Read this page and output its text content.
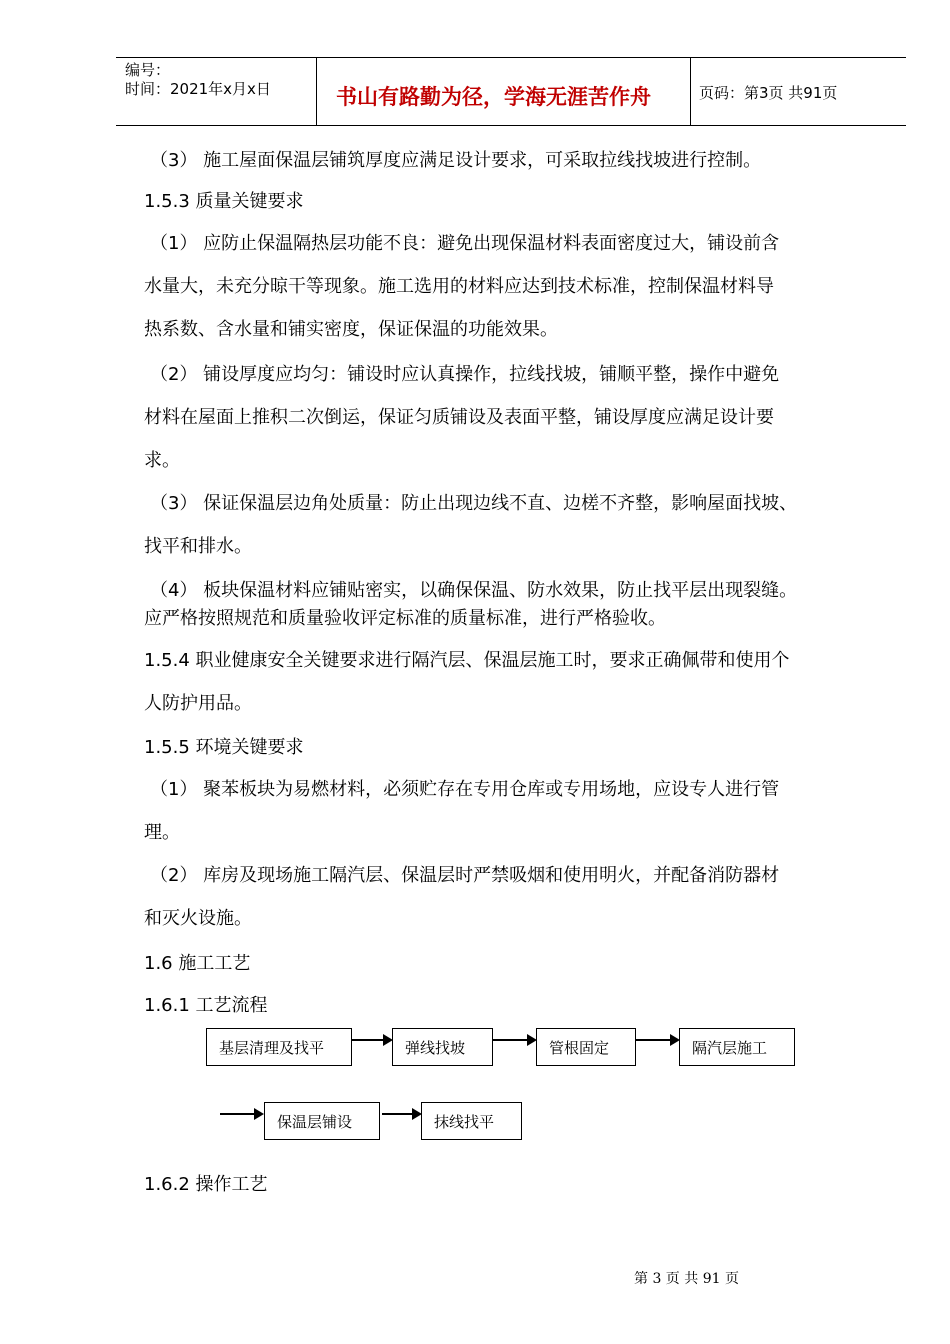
编号：
时间：2021年x月x日	书山有路勤为径，学海无涯苦作舟	页码：第3页 共91页
（3） 施工屋面保温层铺筑厚度应满足设计要求，可采取拉线找坡进行控制。
1.5.3 质量关键要求
（1） 应防止保温隔热层功能不良：避免出现保温材料表面密度过大，铺设前含
水量大，未充分晾干等现象。施工选用的材料应达到技术标准，控制保温材料导
热系数、含水量和铺实密度，保证保温的功能效果。
（2） 铺设厚度应均匀：铺设时应认真操作，拉线找坡，铺顺平整，操作中避免
材料在屋面上推积二次倒运，保证匀质铺设及表面平整，铺设厚度应满足设计要
求。
（3） 保证保温层边角处质量：防止出现边线不直、边槎不齐整，影响屋面找坡、
找平和排水。
（4） 板块保温材料应铺贴密实，以确保保温、防水效果，防止找平层出现裂缝。
应严格按照规范和质量验收评定标准的质量标准，进行严格验收。
1.5.4 职业健康安全关键要求进行隔汽层、保温层施工时，要求正确佩带和使用个
人防护用品。
1.5.5 环境关键要求
（1） 聚苯板块为易燃材料，必须贮存在专用仓库或专用场地，应设专人进行管
理。
（2） 库房及现场施工隔汽层、保温层时严禁吸烟和使用明火，并配备消防器材
和灭火设施。
1.6 施工工艺
1.6.1 工艺流程
基层清理及找平	弹线找坡	管根固定	隔汽层施工
保温层铺设	抹线找平
1.6.2 操作工艺
第 3 页 共 91 页
